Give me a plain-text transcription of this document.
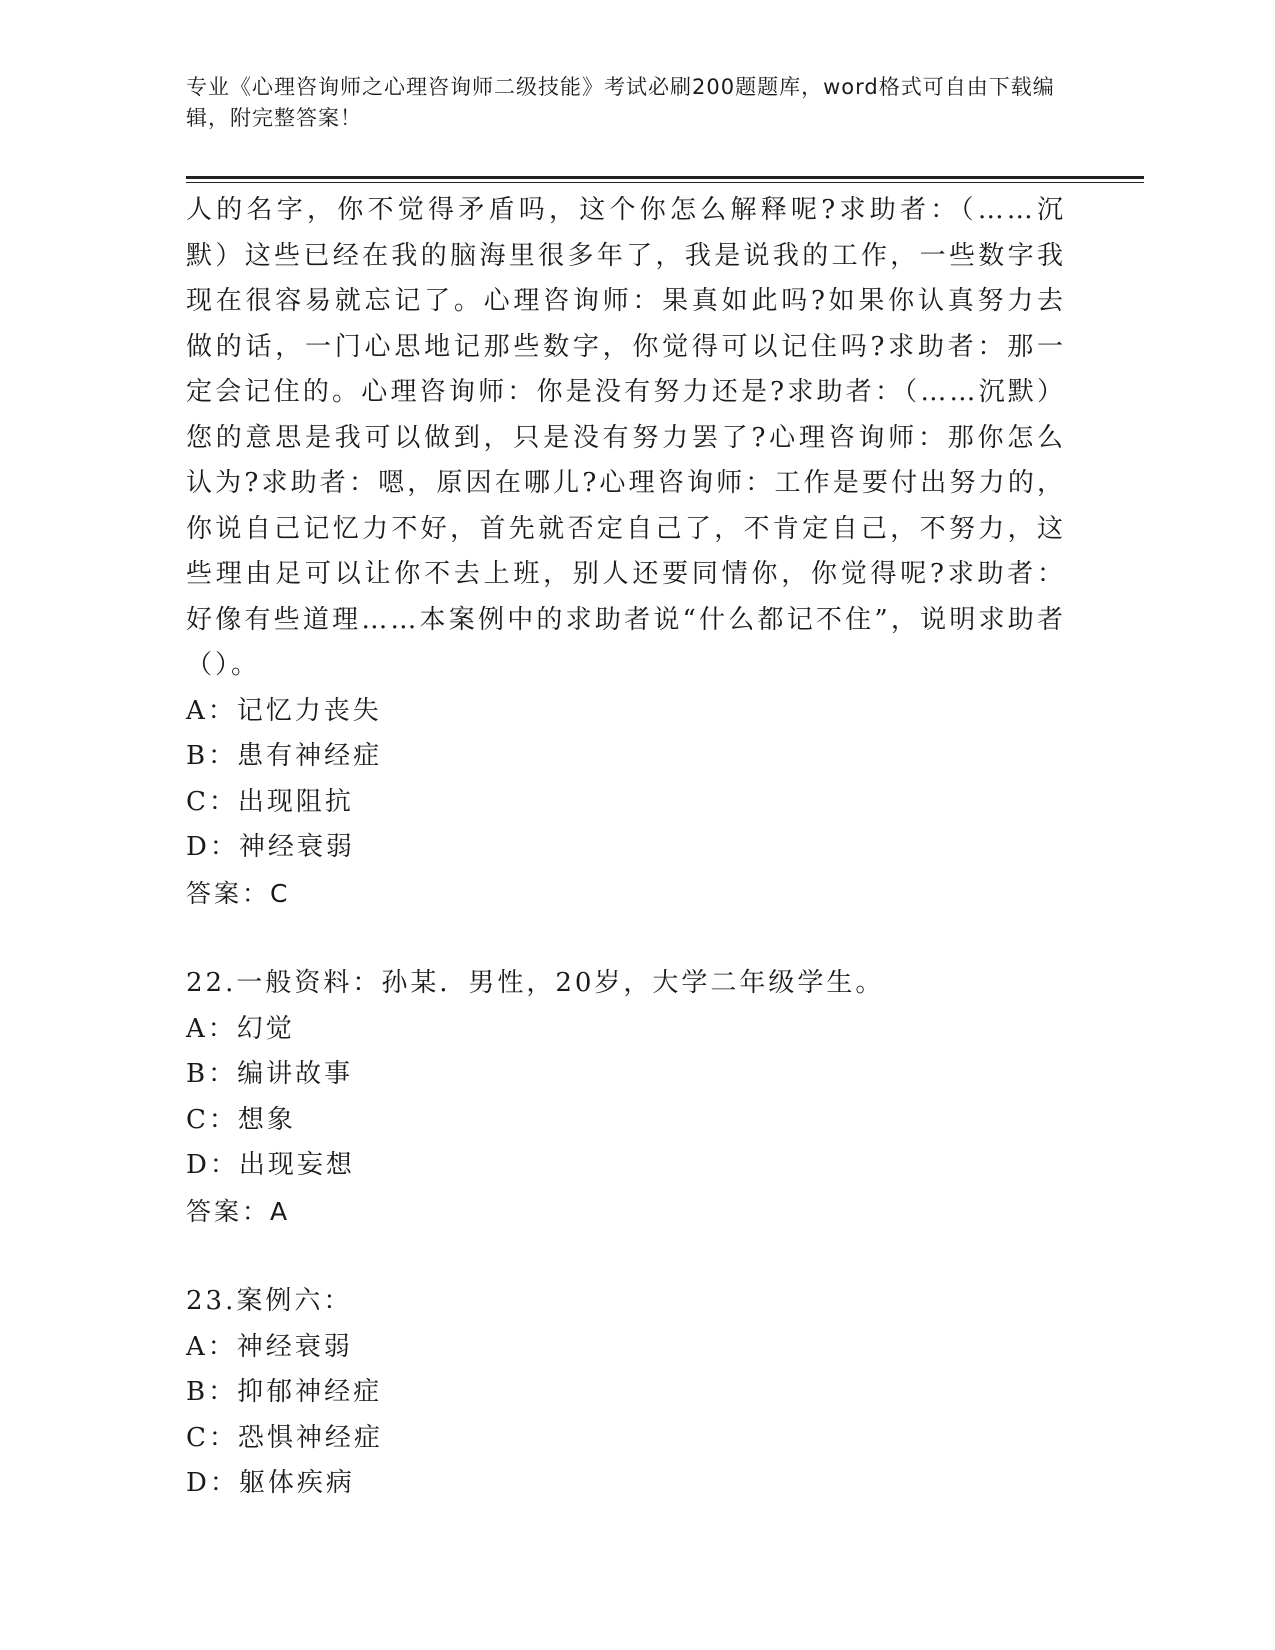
专业《心理咨询师之心理咨询师二级技能》考试必刷200题题库，word格式可自由下载编辑，附完整答案！

人的名字，你不觉得矛盾吗，这个你怎么解释呢?求助者：（……沉默）这些已经在我的脑海里很多年了，我是说我的工作，一些数字我现在很容易就忘记了。心理咨询师：果真如此吗?如果你认真努力去做的话，一门心思地记那些数字，你觉得可以记住吗?求助者：那一定会记住的。心理咨询师：你是没有努力还是?求助者：（……沉默）您的意思是我可以做到，只是没有努力罢了?心理咨询师：那你怎么认为?求助者：嗯，原因在哪儿?心理咨询师：工作是要付出努力的，你说自己记忆力不好，首先就否定自己了，不肯定自己，不努力，这些理由足可以让你不去上班，别人还要同情你，你觉得呢?求助者：好像有些道理……本案例中的求助者说“什么都记不住”，说明求助者（）。

A：记忆力丧失

B：患有神经症

C：出现阻抗

D：神经衰弱

答案：C

22.一般资料：孙某．男性，20岁，大学二年级学生。

A：幻觉

B：编讲故事

C：想象

D：出现妄想

答案：A

23.案例六：

A：神经衰弱

B：抑郁神经症

C：恐惧神经症

D：躯体疾病
